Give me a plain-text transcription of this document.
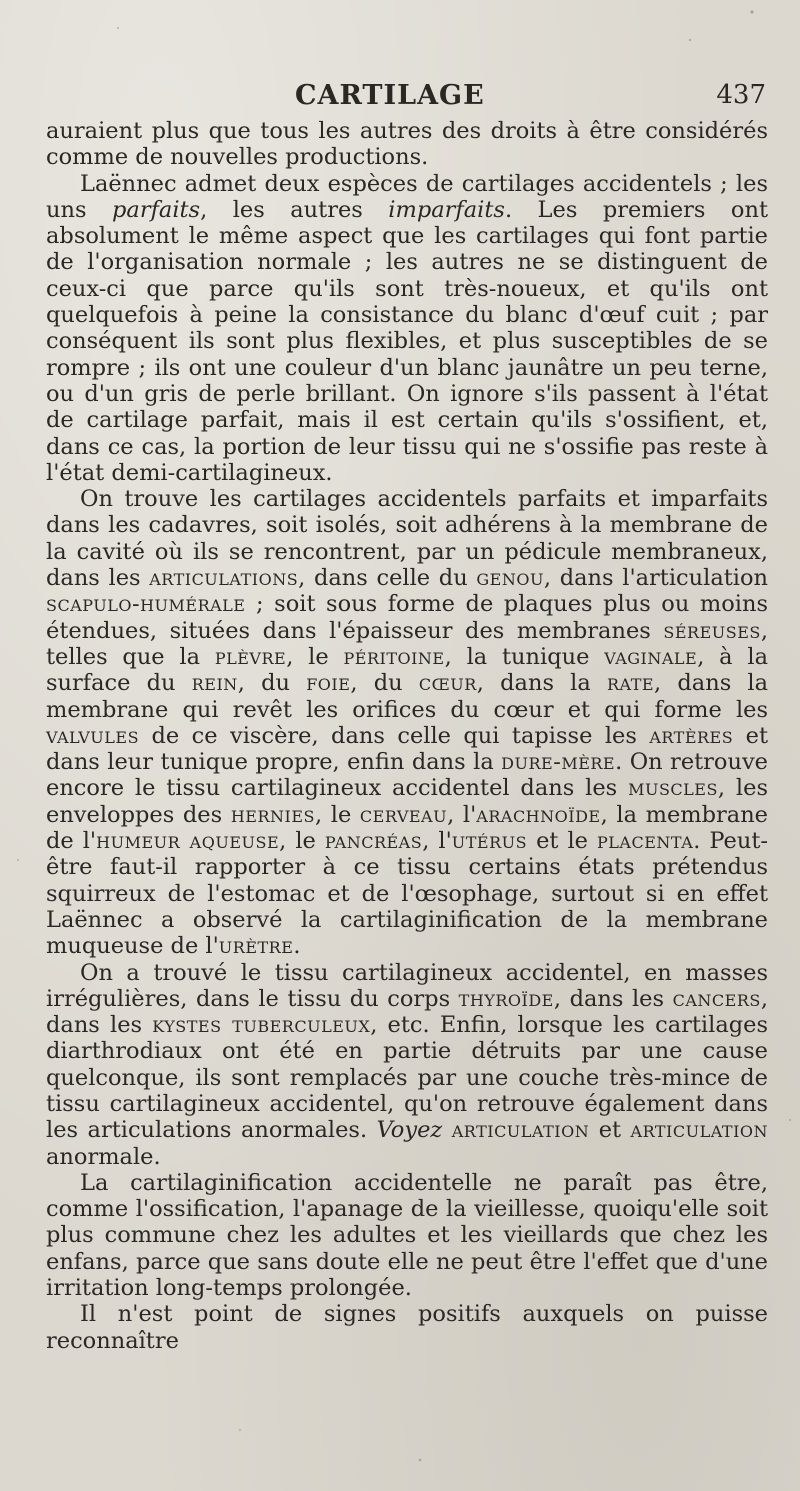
CARTILAGE	437

auraient plus que tous les autres des droits à être considérés comme de nouvelles productions.

Laënnec admet deux espèces de cartilages accidentels ; les uns parfaits, les autres imparfaits. Les premiers ont absolument le même aspect que les cartilages qui font partie de l'organisation normale ; les autres ne se distinguent de ceux-ci que parce qu'ils sont très-noueux, et qu'ils ont quelquefois à peine la consistance du blanc d'œuf cuit ; par conséquent ils sont plus flexibles, et plus susceptibles de se rompre ; ils ont une couleur d'un blanc jaunâtre un peu terne, ou d'un gris de perle brillant. On ignore s'ils passent à l'état de cartilage parfait, mais il est certain qu'ils s'ossifient, et, dans ce cas, la portion de leur tissu qui ne s'ossifie pas reste à l'état demi-cartilagineux.

On trouve les cartilages accidentels parfaits et imparfaits dans les cadavres, soit isolés, soit adhérens à la membrane de la cavité où ils se rencontrent, par un pédicule membraneux, dans les articulations, dans celle du genou, dans l'articulation scapulo-humérale ; soit sous forme de plaques plus ou moins étendues, situées dans l'épaisseur des membranes séreuses, telles que la plèvre, le péritoine, la tunique vaginale, à la surface du rein, du foie, du cœur, dans la rate, dans la membrane qui revêt les orifices du cœur et qui forme les valvules de ce viscère, dans celle qui tapisse les artères et dans leur tunique propre, enfin dans la dure-mère. On retrouve encore le tissu cartilagineux accidentel dans les muscles, les enveloppes des hernies, le cerveau, l'arachnoïde, la membrane de l'humeur aqueuse, le pancréas, l'utérus et le placenta. Peut-être faut-il rapporter à ce tissu certains états prétendus squirreux de l'estomac et de l'œsophage, surtout si en effet Laënnec a observé la cartilaginification de la membrane muqueuse de l'urètre.

On a trouvé le tissu cartilagineux accidentel, en masses irrégulières, dans le tissu du corps thyroïde, dans les cancers, dans les kystes tuberculeux, etc. Enfin, lorsque les cartilages diarthrodiaux ont été en partie détruits par une cause quelconque, ils sont remplacés par une couche très-mince de tissu cartilagineux accidentel, qu'on retrouve également dans les articulations anormales. Voyez articulation et articulation anormale.

La cartilaginification accidentelle ne paraît pas être, comme l'ossification, l'apanage de la vieillesse, quoiqu'elle soit plus commune chez les adultes et les vieillards que chez les enfans, parce que sans doute elle ne peut être l'effet que d'une irritation long-temps prolongée.

Il n'est point de signes positifs auxquels on puisse reconnaître
